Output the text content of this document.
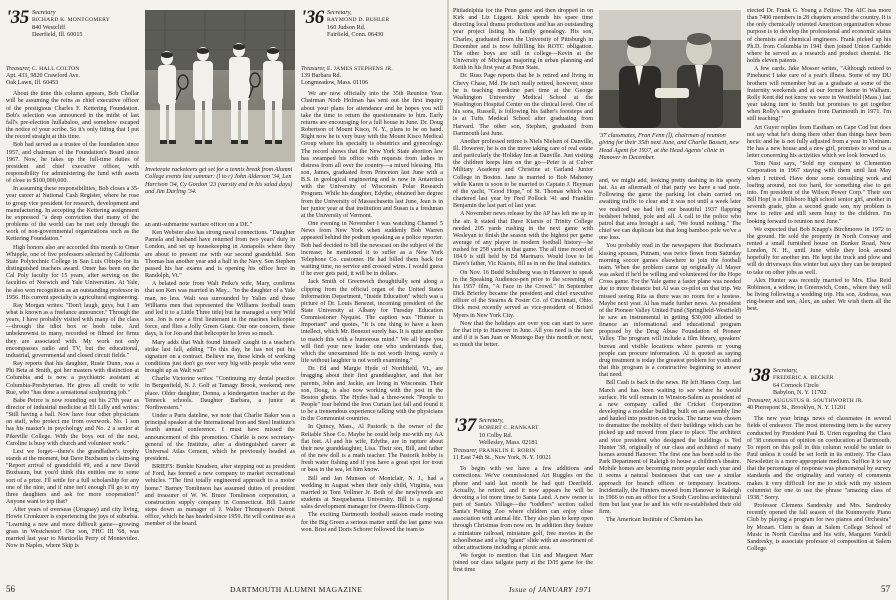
'35 Secretary
RICHARD K. MONTGOMERY
840 Westcliff
Deerfield, Ill. 60015
Treasurer, C. HALL COLTON
Apt. 433, 9820 Crawford Ave.
Oak Lawn, Ill. 60453

About the time this column appears, Bob Chollar will be assuming the reins as chief executive officer of the prestigious Charles F. Kettering Foundation. Bob's selection was announced in the midst of last fall's pre-election hullabaloo, and somehow escaped the notice of your scribe. So it's only fitting that I put the record straight at this time.

Bob had served as a trustee of the foundation since 1957, and chairman of the Foundation's Board since 1967. Now, he takes up the full-time duties of president and chief executive officer, with responsibility for administering the fund with assets of close to $100,000,000.

In assuming these responsibilities, Bob closes a 35-year career at National Cash Register, where he rose to group vice president for research, development and manufacturing. In accepting the Kettering assignment he expressed "a deep conviction that many of the problems of the world can be met only through the work of non-governmental organizations such as the Kettering Foundation."

High honors also are accorded this month to Omer Whipple, one of five professors selected by California State Polytechnic College in San Luis Obispo for its distinguished teachers award. Omer has been on the Cal Poly faculty for 15 years, after serving on the faculties of Norwich and Yale Universities. At Yale, he also won recognition as an outstanding professor in 1956. His current specialty is agricultural engineering.

Ray Morgan writes: "Don't laugh, guys, but I am what is known as a freelance announcer." Through the years, I have probably visited with many of the class—through the idiot box or boob tube. And unbeknownst to many, recorded or filmed for firms they are associated with. My work not only encompasses radio and TV, but the educational, industrial, governmental and closed circuit fields."

Ray reports that his daughter, Rusie Dunn, was a Phi Beta at Smith, got her masters with distinction at Columbia and is now a psychiatric assistant at Columbia-Presbyterian. He gives all credit to wife Rue, who "has done a sensational sculpturing job."

Babe Peirce is now rounding out his 27th year as director of industrial medicine at Eli Lilly and writes: "Still having a ball. Now have four other physicians on staff, who protect me from overwork. No. 1 son has his master's in psychology and No. 2 a senior at Pikeville College. With the boys out of the nest, Caroline is busy with church and volunteer work."

Lest we forget—there's the grandfather's trophy stands at the moment, but Dave Buxbaum is claim-ing "Report arrival of grandchild #9, and a new David Buxbaum, but you'd think this entitles me to some sort of a prize. I'll settle for a full scholarship for any one of the nine, and if nine isn't enough I'll go to my three daughters and ask for more cooperation!" Anyone want to top that?

After years of overseas (Uruguay) and city living, Howie Cronkurer is experiencing the joys of suburbia. "Learning a new and more difficult game—growing grass in Westchester! Our son, FHC III '68, was married last year to Marticella Perry of Montevideo. Now in Naples, where Skip is

Inveterate racketeers get set for a tennis break from Alumni College events last summer: (l to r) John Alderson '34, Len Harrison '34, Cy Gordon '23 (varsity end in his salad days) and Jim Darling '34.

an anti-submarine warfare officer on a DE."

Ken Webster also has strong naval connections. "Daughter Pamela and husband have returned from two years' duty in London, and set up housekeeping in Annapolis where they are about to present me with our second grandchild. Son Thomas has another year and a half in the Navy. Son Stephen passed his bar exams and is opening his office here in Randolph, Vt."

A belated note from Walt Petke's wife, Mary, confirms that son Ken was married in May... "to the daughter of a Yale man, no less. Walt was surrounded by Yalies and those Williams men that represented the Williams football team and led it to a Little Three title) but he managed a very Wild son. Jon is now a first lieutenant in the marines helicopter force, and flies a Jolly Green Giant. Our one concern, these days, is for Jon and that helicopter he loves so much.

Mary adds that Walt found himself caught in a teacher's strike last fall, adding "To this day, he has not put his signature on a contract. Believe me, these kinds of working conditions just don't go over very big with people who were brought up as Walt was!"

Charlie Victorine writes: "Continuing my dental practice in Bergenfield, N. J. Golf at Tamagy Brook, weekend; new place. Older daughter, Donna, a kindergarten teacher at the Tenneck schools. Daughter Barbara, a junior at Northwestern."

Under a Paris dateline, we note that Charlie Baker was a principal speaker at the International Iron and Steel Institute's fourth annual conference. I must have missed the announcement of this promotion. Charlie is now secretary-general of the Institute, after a distinguished career at Universal Atlas Cement, which he previously headed as president.

BRIEFS: Bunkie Knudsen, after stepping out as president of Ford, has formed a new company to market recreational vehicles. "The first totally engineered approach to a motor home." Barney Tomlinson has assumed duties of president and treasurer of W. W. Bruce Tomlinson corporation, a construction supply company in Connecticut. Bill Laurie steps down as manager of J. Walter Thompson's Detroit office, which he has headed since 1959. He will continue as a member of the board.

'36 Secretary,
RAYMOND D. BUHLER
160 Judson Rd.
Fairfield, Conn. 06430
Treasurer, E. JAMES STEPHENS JR.
139 Barbara Rd.
Longmeadow, Mass. 01106

We are now officially into the 35th Reunion Year. Chairman Norb Hofman has sent out the first inquiry about your plans for attendance and he hopes you will take the time to return the questionnaire to him. Early returns are encouraging for a full house in June. Dr. Doug Robertson of Mount Kisco, N. Y., plans to be on hand. Right now he is very busy with the Mount Kisco Medical Group where his specialty is obstetrics and gynecology. The record shows that the New York State abortion law has swamped his office with requests from ladies in distress from all over the country—a mixed blessing. His son, James, graduated from Princeton last June with a B.S. in geological engineering and is now in Antarctica with the University of Wisconsin Polar Research Program. While his daughter, Edythe, obtained her degree from the University of Massachusetts last June, Jean is in her junior year at that institution and Susan is a freshman at the University of Vermont.

One evening in November I was watching Channel 5 News from New York when suddenly Bob Warren appeared behind the podium speaking as a police reporter. Bob had decided to bill the newscast on the subject of the increase; he mentioned it to suffer as a New York Telephone Co. customer. He had billed them back for waiting time, no service and crossed wires. I would guess if he ever gets paid, it will be in dollars.

Jack Smith of Greenwich thoughtfully sent along a clipping from the official organ of the United States Information Department, "Inside Education" which was a picture of Dr. Louis Benezet, incoming president of the State University at Albany for Tuesday Education Commissioner Nyquist. The caption was "Humor is Important" and quotes, "It is one thing to have a keen intellect, which Mr. Benezet surely has. It is quite another to match this with a humorous mind." We all hope you will find your new leader one who understands that, which the unexamined life is not worth living, surely a life without laughter is not worth examining."

Dr. Ed and Margie Hyde of Northfield, Vt., are bragging about their first granddaughter, and that her parents, John and Jackie, are living in Wisconsin. Their son, Doug, is also now working with the post in the Boston ghetto. The Hydes had a three-week "People to People" tour behind the Iron Curtain last fall and found it to be a tremendous experience talking with the physicians in the Communist countries.

In Quincy, Mass., Al Pastorik is the owner of the Reliable Shoe Co. Maybe he could help me-with my AA flat feet. Al and his wife, Edythe, are in rapture about their new granddaughter, Lisa. Their son, Bill, and father of the new doll is a math teacher. The Pastorik hobby is fresh water fishing and if you have a great spot for trout or bass in the sea, let him know.

Bill and Jan Munson of Montclair, N. J., had a wedding in August when their only child, Virginia, was married to Tom Vollmer Jr. Both of the newlyweds are students at Susquehanna University. Bill is a regional sales development manager for Owens-Illinois Corp.

The exciting Dartmouth football season made rooting for the Big Green a serious matter until the last game was won. Brist and Doris Schorer followed the team to

56	DARTMOUTH ALUMNI MAGAZINE

Philadelphia for the Penn game and then dropped in on Kirk and Liz Liggett. Kirk spends his spare time directing local drama productions and has an outstanding year project listing his family genealogy. His son, Charles, graduated from the University of Pittsburgh in December and is now fulfilling his ROTC obligation. The other boys are still in college—Kevin at the University of Michigan majoring in urban planning and Keith in his first year at Penn State.

Dr. Russ Page reports that he is retired and living in Chevy Chase, Md. He isn't really retired, however, since he is teaching medicine part time at the George Washington University Medical School at the Washington Hospital Center on the clinical level. One of his sons, Russell, is following his father's footsteps and is at Tufts Medical School after graduating from Harvard. The other son, Stephen, graduated from Dartmouth last June.

Another professed retiree is Niels Nielsen of Danville, Ill. However, he is on the move taking care of real estate and particularly the Holiday Inn at Danville. Just visiting the children keeps him on the go—Peter is at Culver Military Academy and Christine at Garland Junior College in Boston. Jane is married to Bob Mahoney while Karen is soon to be married to Captain J. Heyman of the yacht, "Good Hope," of St. Thomas which was chartered last year by Fred Pollock '41 and Franklin Benjamin the last part of last year.

A November news release by the AP has left me up in the air. It stated that Dave Kiarsis of Trinity College needed 205 yards rushing in the next game with Wesleyan to finish the season with the highest per game average of any player in modern football history—he rushed for 258 yards in that game. The all time record of 184.9 is still held by Ed Marinaro. Would love to let Dave's father, Vic Kiarsis, fill us in on the final statistics.

On Nov. 16 Budd Schulberg was in Hanover to speak in the Speaking Audience-pen price to the screening of his 1957 film, "A Face in the Crowd." In September Dick Brierley became the president and chief executive officer of the Stearns & Foster Co. of Cincinnati, Ohio. Dick most recently served as vice-president of Bristol Myers in New York City.

Now that the holidays are over you can start to save for that trip to Hanover in June. All you need is the fare and if it is San Juan or Montego Bay this month or next, so much the better.

'37 Secretary,
ROBERT C. BANKART
10 Colby Rd.
Wellesley, Mass. 02181
Treasurer, FRANKLIN E. ROBIN
11 East 74th St., New York, N. Y. 10021

To begin with we have a few additions and corrections. We've commissioned Art Ruggles on the phone and said last month he had quit Deerfield. Actually, he retired, and it now appears he will be devoting a lot more time to Santa Land. A new owner is part of Santa's Village—the "toddlers" section called Santa's Petting Zoo where children can enjoy close association with animal life. They also plan to keep open through Christmas from now on. In addition they feature a miniature railroad, miniature golf, free movies in the schoolhouse and a big "giant" slide with an assortment of other attractions including a picnic area.

We forgot to mention that Lin and Margaret Marr joined our class tailgate party at the D/H game for the first time

'37 classmates, Fran Fenn (l), chairman of reunion giving for their 35th next June, and Charlie Bassett, new Head Agent for 1937, at the Head Agents' clinic in Hanover in December.

and, we might add, looking pretty dashing in his sporty hat. As an aftermath of that party we have a sad note. Following the game the parking lot chain carried on awaiting traffic to clear and it was not until a week later we realized we had left our beautiful 1937 flapping bedsheet behind, pole and all. A call to the police who patrol that area brought a sad, "We found nothing." The chief we can duplicate but that long bamboo pole we've a one loss.

You probably read in the newspapers that Buchman's kissing spouses, Putnam, was twice flown from Saturday morning soccer games elsewhere to join the football team. When the problem came up originally Al Mayer was asked if he'd be willing and volunteered for the Hope Cross game. For the Yale game a faster plane was needed due to more distance but Al was co-pilot on that trip. We missed seeing Rita as there was no room for a hostess. Maybe next year. Al has made further news. As president of the Pioneer Valley United Fund (Springfield-Westfield) he saw an instrumental in getting $30,000 allotted to finance an informational and educational program proposed by the Drug Abuse Foundation of Pioneer Valley. The program will include a film library, speakers' bureau and visible locations where parents or young people can procure information. Al is quoted as saying drug treatment is today the greatest problem for youth and that this program is a constructive beginning to answer that need.

Bill Cash is back in the news. He left Hanes Corp. last March and has been waiting to see where he would surface. He will remain in Winston-Salem as president of a new company called the Cricket Corporation developing a modular building built on an assembly line and hauled into position on trucks. The name was chosen to dramatize the mobility of their buildings which can be picked up and moved from place to place. The architect and vice president who designed the buildings is Ted Hunter '38, originally of our class and architect of many homes around Hanover. The first one has been sold to the Park Department of Raleigh to house a children's theatre. Mobile homes are becoming more popular each year and it seems a natural businesses that can use a similar approach for branch offices or temporary locations. Incidentally, the Hunters moved from Hanover to Raleigh in 1966 to run an office for a South Carolina architectural firm but last year he and his wife re-established their old firm.

The American Institute of Chemists has

elected Dr. Frank G. Young a Fellow. The AIC has more than 7400 members in 28 chapters around the country. It is the only chemically oriented American organization whose purpose is to develop the professional and economic status of chemists and chemical engineers. Frank picked up his Ph.D. from Columbia in 1941 then joined Union Carbide where he served as a research and product chemist. He holds eleven patents.

A few cards. Jake Mosser writes, "Although retired to Pinehurst I take care of a year's illness. Some of my DU brothers will remember but as a graduate at some of the fraternity weekends and at our former home in Walham. Rolly Kent did not know we were in Westfield (Mass.) last year taking turn to Smith but promises to get together when Rolly's son graduates from Dartmouth in 1971. I'm still teaching!"

Art Guyer replies from Eastham on Cape Cod but does not say what he's doing there other than things have been hectic and he is not fully adjusted from a year in Vietnam. He has a new house and a new girl, promises to send us a letter concerning his activities which we look forward to.

Tom Nast says, "Sold my company to Clementon Corporation in 1967 staying with them until last May when I retired. Have done some consulting work and loafing around, not too hard, for something else to get into. I'm president of the Wilson Power Corp." Their son Bill Hopf is a Hillsboro high school senior girl, another in seventh grade, plus a second grade son, my problem is how to retire and still seem busy to the children. I'm looking forward to reunion next June."

We expected that Bob Knapp's Birchmores in 1972 to the ground. He sold the property in North Conway and rented a small furnished house on Bunker Road, New London, N. H., until June while they look around hopefully for another inn. He kept the truck and plow and will do driveways this winter but says they can be tempted to take on other jobs as well.

Alex Hunter was recently married to Mrs. Elsa Reid Robinson, a widow, in Greenwich, Conn., where they will be living following a wedding trip. His son, Andreas, was ring-bearer and son, Alex, an usher. We wish them all the best.

'38 Secretary,
FREDERIC A. BECKER
64 Cornock Circle
Babylon, N. Y. 11702
Treasurer, AUGUSTUS R. SOUTHWORTH JR.
40 Pierrepont St., Brooklyn, N. Y. 11201

The new year brings news of classmates in several fields of endeavor. The most interesting item is the survey conducted by President Paul B. Urien regarding the Class of '38 concensus of opinion on coeducation at Dartmouth. To report on this poll in this column would be unfair to Paul unless it could be set forth in its entirety. The Class Newsletter is a more appropriate medium. Suffice it to say that the percentage of response was phenomenal by survey standards and the originality and variety of comments makes it very difficult for me to stick with my sixteen columnist for one to use the phrase "amazing class of 1938." Sorry.

Professor Clemens Sandresky and Mrs. Sandresky recently opened the fall season of the Kunmoyefe Piano Club by playing a program for two pianos and Orchestra" by Mozart. Clem is dean at Salem College School of Music in North Carolina and his wife, Margaret Vardell Sandresky, is associate professor of composition at Salem College.

Issue of JANUARY 1971	57
